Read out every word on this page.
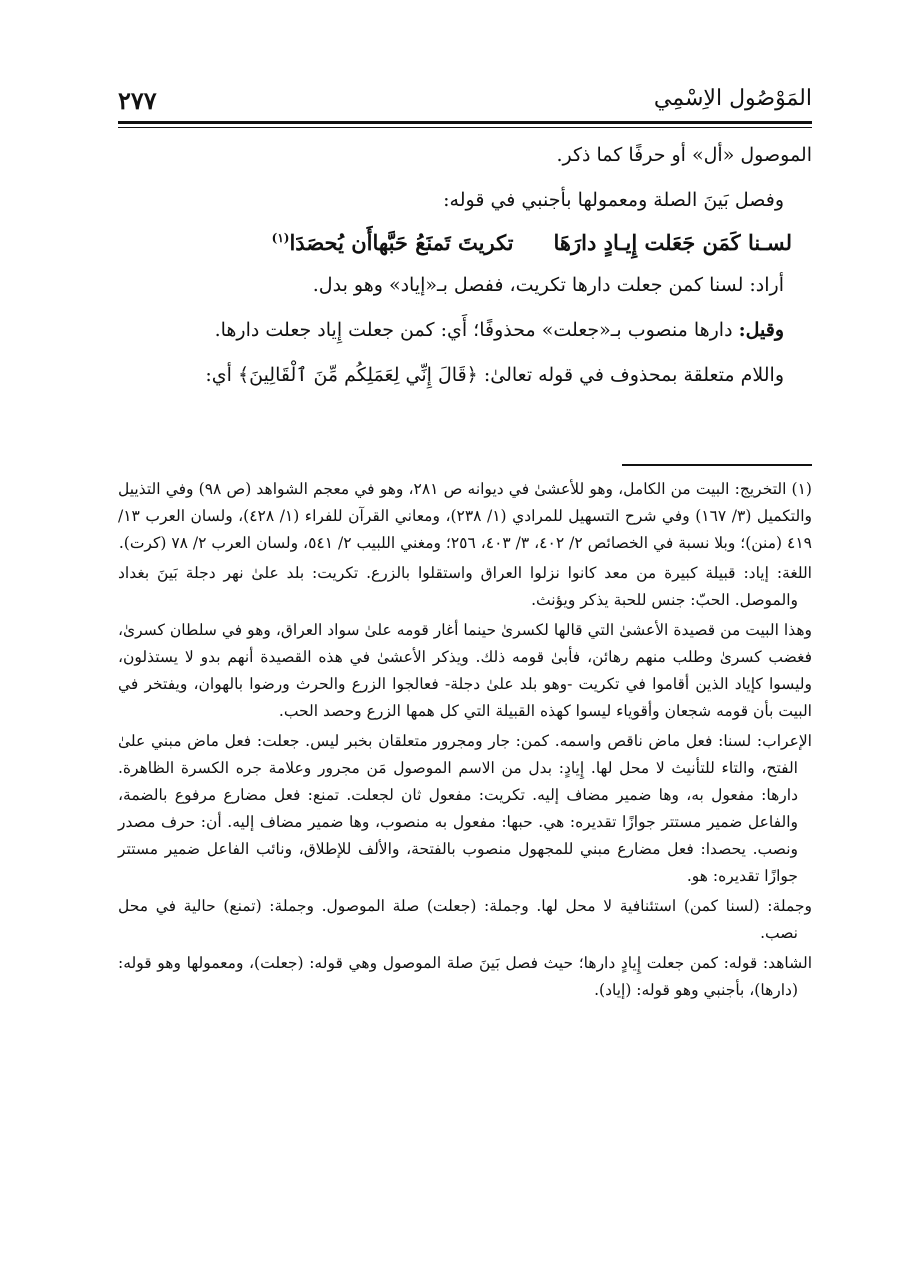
المَوْصُول الاِسْمِي
٢٧٧

الموصول «أل» أو حرفًا كما ذكر.

وفصل بَينَ الصلة ومعمولها بأجنبي في قوله:

لسـنا كَمَن جَعَلت إِيـادٍ دارَهَا
تكريتَ تَمنَعُ حَبَّهاأَن يُحصَدَا$^{(١)}$

أراد: لسنا كمن جعلت دارها تكريت، ففصل بـ«إياد» وهو بدل.

وقيل: دارها منصوب بـ«جعلت» محذوفًا؛ أَي: كمن جعلت إِياد جعلت دارها.

واللام متعلقة بمحذوف في قوله تعالىٰ: ﴿قَالَ إِنِّي لِعَمَلِكُم مِّنَ ٱلْقَالِينَ﴾ أي:

(١) التخريج: البيت من الكامل، وهو للأعشىٰ في ديوانه ص ٢٨١، وهو في معجم الشواهد (ص ٩٨) وفي التذييل والتكميل (٣/ ١٦٧) وفي شرح التسهيل للمرادي (١/ ٢٣٨)، ومعاني القرآن للفراء (١/ ٤٢٨)، ولسان العرب ١٣/ ٤١٩ (منن)؛ وبلا نسبة في الخصائص ٢/ ٤٠٢، ٣/ ٤٠٣، ٢٥٦؛ ومغني اللبيب ٢/ ٥٤١، ولسان العرب ٢/ ٧٨ (كرت).

اللغة: إياد: قبيلة كبيرة من معد كانوا نزلوا العراق واستقلوا بالزرع. تكريت: بلد علىٰ نهر دجلة بَينَ بغداد والموصل. الحبّ: جنس للحبة يذكر ويؤنث.

وهذا البيت من قصيدة الأعشىٰ التي قالها لكسرىٰ حينما أغار قومه علىٰ سواد العراق، وهو في سلطان كسرىٰ، فغضب كسرىٰ وطلب منهم رهائن، فأبىٰ قومه ذلك. ويذكر الأعشىٰ في هذه القصيدة أنهم بدو لا يستذلون، وليسوا كإياد الذين أقاموا في تكريت -وهو بلد علىٰ دجلة- فعالجوا الزرع والحرث ورضوا بالهوان، ويفتخر في البيت بأن قومه شجعان وأقوياء ليسوا كهذه القبيلة التي كل همها الزرع وحصد الحب.

الإعراب: لسنا: فعل ماض ناقص واسمه. كمن: جار ومجرور متعلقان بخبر ليس. جعلت: فعل ماض مبني علىٰ الفتح، والتاء للتأنيث لا محل لها. إِيادٍ: بدل من الاسم الموصول مَن مجرور وعلامة جره الكسرة الظاهرة. دارها: مفعول به، وها ضمير مضاف إليه. تكريت: مفعول ثان لجعلت. تمنع: فعل مضارع مرفوع بالضمة، والفاعل ضمير مستتر جوازًا تقديره: هي. حبها: مفعول به منصوب، وها ضمير مضاف إليه. أن: حرف مصدر ونصب. يحصدا: فعل مضارع مبني للمجهول منصوب بالفتحة، والألف للإطلاق، ونائب الفاعل ضمير مستتر جوازًا تقديره: هو.

وجملة: (لسنا كمن) استئنافية لا محل لها. وجملة: (جعلت) صلة الموصول. وجملة: (تمنع) حالية في محل نصب.

الشاهد: قوله: كمن جعلت إِيادٍ دارها؛ حيث فصل بَينَ صلة الموصول وهي قوله: (جعلت)، ومعمولها وهو قوله: (دارها)، بأجنبي وهو قوله: (إياد).
